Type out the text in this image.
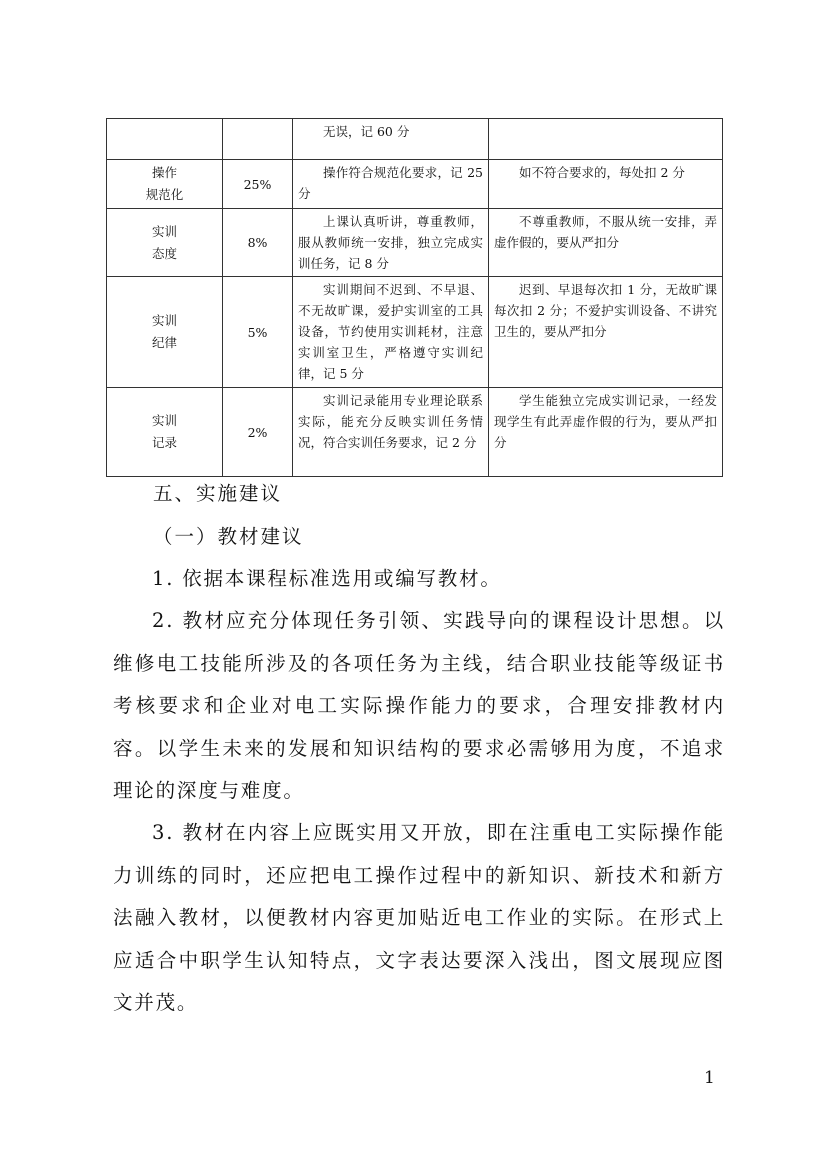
		无误，记 60 分	
操作
规范化	25%	操作符合规范化要求，记 25 分	如不符合要求的，每处扣 2 分
实训
态度	8%	上课认真听讲，尊重教师，服从教师统一安排，独立完成实训任务，记 8 分	不尊重教师，不服从统一安排，弄虚作假的，要从严扣分
实训
纪律	5%	实训期间不迟到、不早退、不无故旷课，爱护实训室的工具设备，节约使用实训耗材，注意实训室卫生，严格遵守实训纪律，记 5 分	迟到、早退每次扣 1 分，无故旷课每次扣 2 分；不爱护实训设备、不讲究卫生的，要从严扣分
实训
记录	2%	实训记录能用专业理论联系实际，能充分反映实训任务情况，符合实训任务要求，记 2 分	学生能独立完成实训记录，一经发现学生有此弄虚作假的行为，要从严扣分
五、实施建议
（一）教材建议

1. 依据本课程标准选用或编写教材。

2. 教材应充分体现任务引领、实践导向的课程设计思想。以维修电工技能所涉及的各项任务为主线，结合职业技能等级证书考核要求和企业对电工实际操作能力的要求，合理安排教材内容。以学生未来的发展和知识结构的要求必需够用为度，不追求理论的深度与难度。

3. 教材在内容上应既实用又开放，即在注重电工实际操作能力训练的同时，还应把电工操作过程中的新知识、新技术和新方法融入教材，以便教材内容更加贴近电工作业的实际。在形式上应适合中职学生认知特点，文字表达要深入浅出，图文展现应图文并茂。

1
